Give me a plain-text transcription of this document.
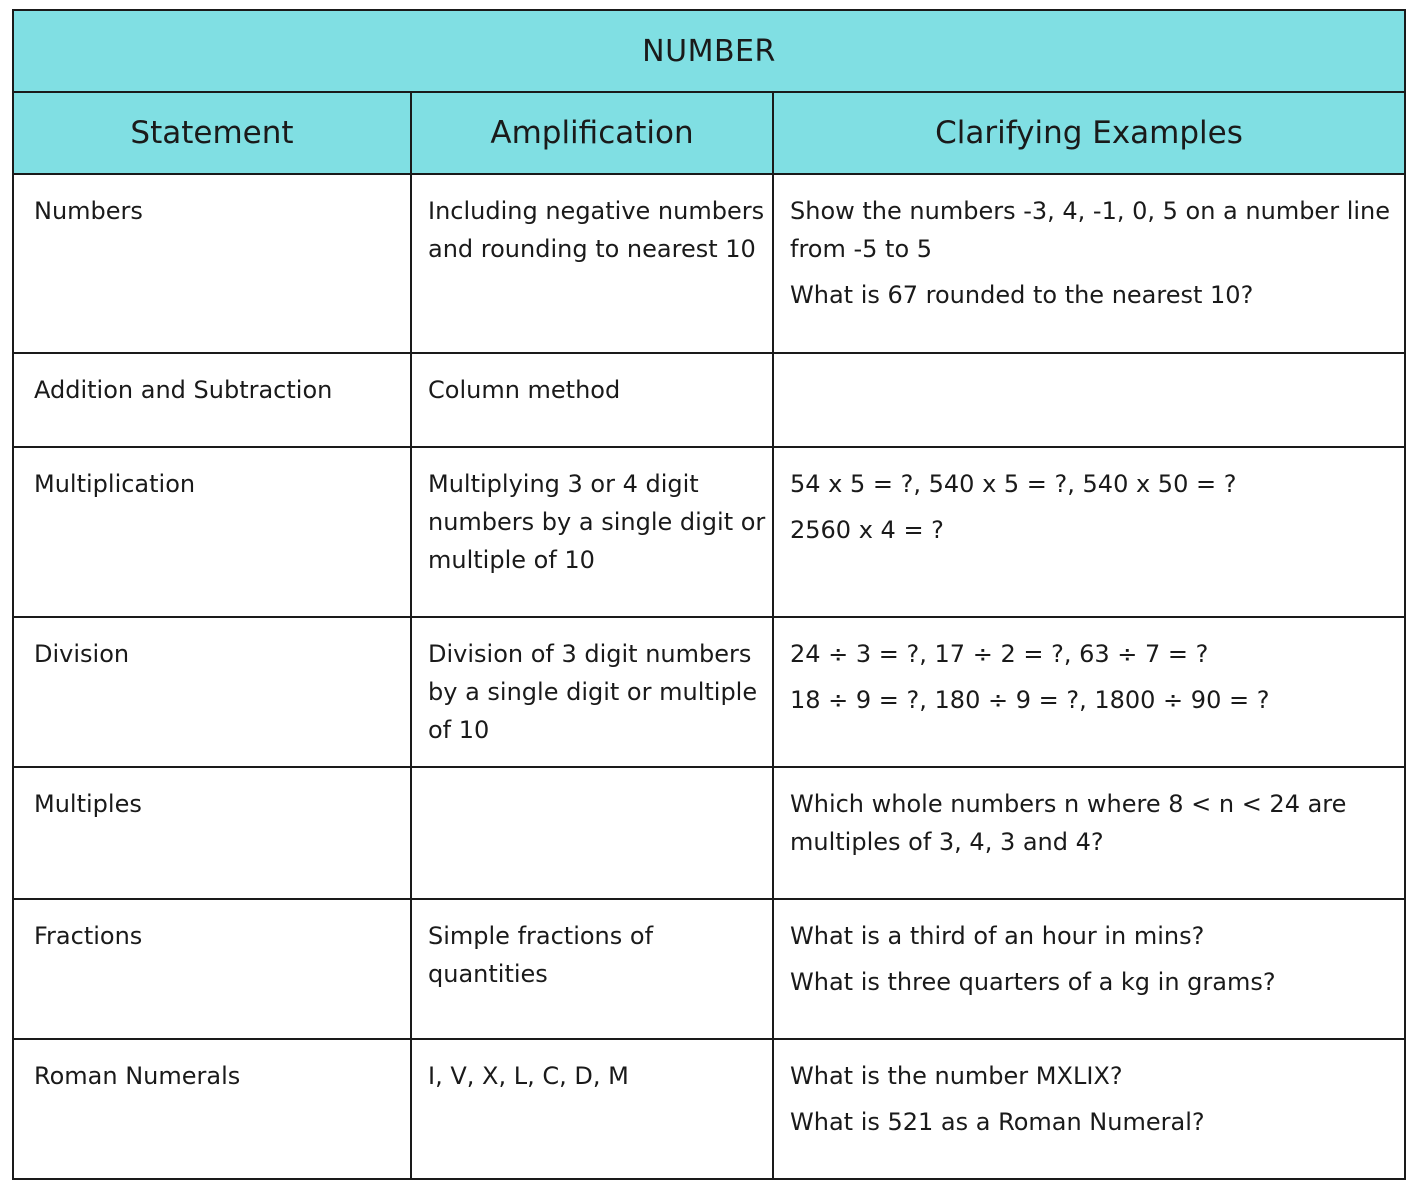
NUMBER		
Statement	Amplification	Clarifying Examples
Numbers	Including negative numbers and rounding to nearest 10	Show the numbers -3, 4, -1, 0, 5 on a number line from -5 to 5
What is 67 rounded to the nearest 10?

Addition and Subtraction	Column method	
Multiplication	Multiplying 3 or 4 digit numbers by a single digit or multiple of 10	54 x 5 = ?, 540 x 5 = ?, 540 x 50 = ?
2560 x 4 = ?

Division	Division of 3 digit numbers by a single digit or multiple of 10	24 ÷ 3 = ?, 17 ÷ 2 = ?, 63 ÷ 7 = ?
18 ÷ 9 = ?, 180 ÷ 9 = ?, 1800 ÷ 90 = ?

Multiples		Which whole numbers n where 8 < n < 24 are multiples of 3, 4, 3 and 4?

Fractions	Simple fractions of quantities	What is a third of an hour in mins?
What is three quarters of a kg in grams?

Roman Numerals	I, V, X, L, C, D, M	What is the number MXLIX?
What is 521 as a Roman Numeral?
